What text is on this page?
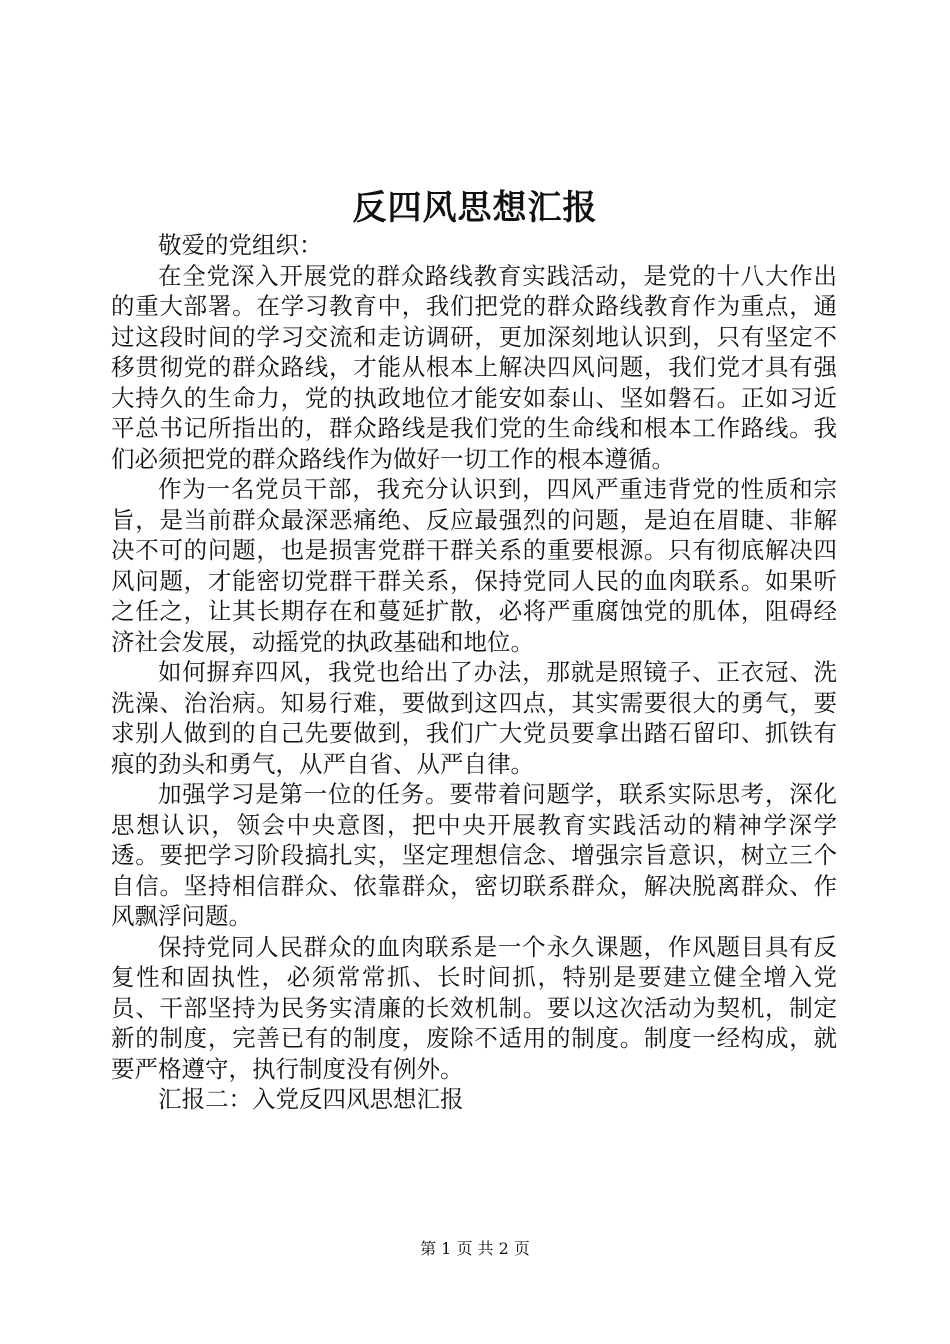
反四风思想汇报

敬爱的党组织：

在全党深入开展党的群众路线教育实践活动，是党的十八大作出的重大部署。在学习教育中，我们把党的群众路线教育作为重点，通过这段时间的学习交流和走访调研，更加深刻地认识到，只有坚定不移贯彻党的群众路线，才能从根本上解决四风问题，我们党才具有强大持久的生命力，党的执政地位才能安如泰山、坚如磐石。正如习近平总书记所指出的，群众路线是我们党的生命线和根本工作路线。我们必须把党的群众路线作为做好一切工作的根本遵循。

作为一名党员干部，我充分认识到，四风严重违背党的性质和宗旨，是当前群众最深恶痛绝、反应最强烈的问题，是迫在眉睫、非解决不可的问题，也是损害党群干群关系的重要根源。只有彻底解决四风问题，才能密切党群干群关系，保持党同人民的血肉联系。如果听之任之，让其长期存在和蔓延扩散，必将严重腐蚀党的肌体，阻碍经济社会发展，动摇党的执政基础和地位。

如何摒弃四风，我党也给出了办法，那就是照镜子、正衣冠、洗洗澡、治治病。知易行难，要做到这四点，其实需要很大的勇气，要求别人做到的自己先要做到，我们广大党员要拿出踏石留印、抓铁有痕的劲头和勇气，从严自省、从严自律。

加强学习是第一位的任务。要带着问题学，联系实际思考，深化思想认识，领会中央意图，把中央开展教育实践活动的精神学深学透。要把学习阶段搞扎实，坚定理想信念、增强宗旨意识，树立三个自信。坚持相信群众、依靠群众，密切联系群众，解决脱离群众、作风飘浮问题。

保持党同人民群众的血肉联系是一个永久课题，作风题目具有反复性和固执性，必须常常抓、长时间抓，特别是要建立健全增入党员、干部坚持为民务实清廉的长效机制。要以这次活动为契机，制定新的制度，完善已有的制度，废除不适用的制度。制度一经构成，就要严格遵守，执行制度没有例外。

汇报二：入党反四风思想汇报

第 1 页 共 2 页
